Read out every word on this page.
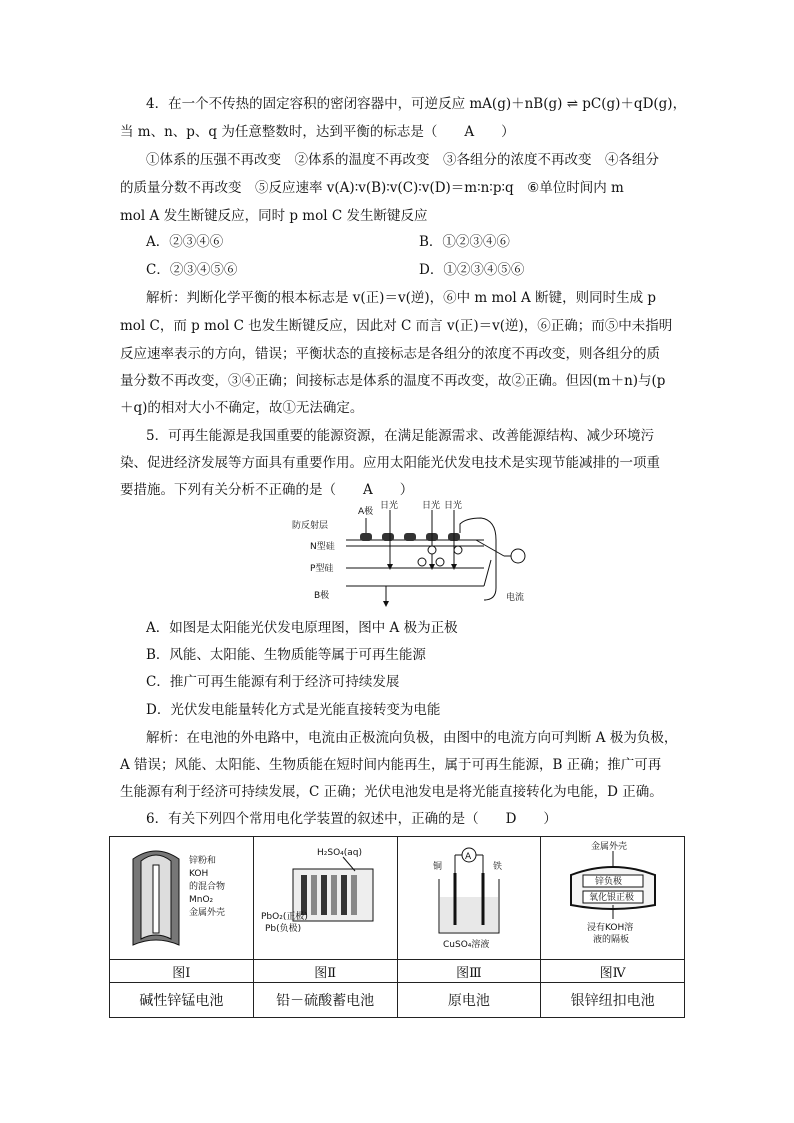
4．在一个不传热的固定容积的密闭容器中，可逆反应 mA(g)＋nB(g) ⇌ pC(g)＋qD(g)，
当 m、n、p、q 为任意整数时，达到平衡的标志是（　　A　　）
①体系的压强不再改变　②体系的温度不再改变　③各组分的浓度不再改变　④各组分
的质量分数不再改变　⑤反应速率 v(A)∶v(B)∶v(C)∶v(D)＝m∶n∶p∶q　⑥单位时间内 m
mol A 发生断键反应，同时 p mol C 发生断键反应
A．②③④⑥	B．①②③④⑥
C．②③④⑤⑥	D．①②③④⑤⑥
解析：判断化学平衡的根本标志是 v(正)＝v(逆)，⑥中 m mol A 断键，则同时生成 p
mol C，而 p mol C 也发生断键反应，因此对 C 而言 v(正)＝v(逆)，⑥正确；而⑤中未指明
反应速率表示的方向，错误；平衡状态的直接标志是各组分的浓度不再改变，则各组分的质
量分数不再改变，③④正确；间接标志是体系的温度不再改变，故②正确。但因(m＋n)与(p
＋q)的相对大小不确定，故①无法确定。
5．可再生能源是我国重要的能源资源，在满足能源需求、改善能源结构、减少环境污
染、促进经济发展等方面具有重要作用。应用太阳能光伏发电技术是实现节能减排的一项重
要措施。下列有关分析不正确的是（　　A　　）
防反射层
A极
日光	日光 日光
N型硅
P型硅
B极	电流
A．如图是太阳能光伏发电原理图，图中 A 极为正极
B．风能、太阳能、生物质能等属于可再生能源
C．推广可再生能源有利于经济可持续发展
D．光伏发电能量转化方式是光能直接转变为电能
解析：在电池的外电路中，电流由正极流向负极，由图中的电流方向可判断 A 极为负极，
A 错误；风能、太阳能、生物质能在短时间内能再生，属于可再生能源，B 正确；推广可再
生能源有利于经济可持续发展，C 正确；光伏电池发电是将光能直接转化为电能，D 正确。
6．有关下列四个常用电化学装置的叙述中，正确的是（　　D　　）
锌粉和
KOH
的混合物
MnO₂
金属外壳	H₂SO₄(aq)
PbO₂(正极)
Pb(负极)	A
铜 铁
CuSO₄溶液	金属外壳
锌负极
氧化银正极
浸有KOH溶
液的隔板

图Ⅰ	图Ⅱ	图Ⅲ	图Ⅳ
碱性锌锰电池	铅－硫酸蓄电池	原电池	银锌纽扣电池
